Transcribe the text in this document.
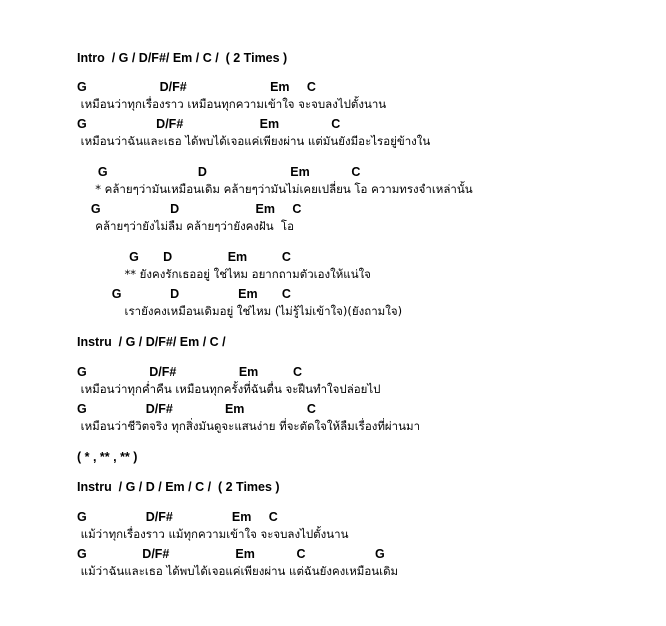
Intro  / G / D/F#/ Em / C /  ( 2 Times )
G                     D/F#                        Em     C
เหมือนว่าทุกเรื่องราว เหมือนทุกความเข้าใจ จะจบลงไปตั้งนาน
G                    D/F#                      Em               C
เหมือนว่าฉันและเธอ ได้พบได้เจอแค่เพียงผ่าน แต่มันยังมีอะไรอยู่ข้างใน
G                          D                        Em            C
* คล้ายๆว่ามันเหมือนเดิม คล้ายๆว่ามันไม่เคยเปลี่ยน โอ ความทรงจำเหล่านั้น
G                    D                      Em     C
คล้ายๆว่ายังไม่ลืม คล้ายๆว่ายังคงฝัน  โอ
G       D                Em          C
** ยังคงรักเธออยู่ ใช่ไหม อยากถามตัวเองให้แน่ใจ
G              D                 Em       C
เรายังคงเหมือนเดิมอยู่ ใช่ไหม (ไม่รู้ไม่เข้าใจ)(ยังถามใจ)
Instru  / G / D/F#/ Em / C /
G                  D/F#                  Em          C
เหมือนว่าทุกค่ำคืน เหมือนทุกครั้งที่ฉันตื่น จะฝืนทำใจปล่อยไป
G                 D/F#               Em                  C
เหมือนว่าชีวิตจริง ทุกสิ่งมันดูจะแสนง่าย ที่จะตัดใจให้ลืมเรื่องที่ผ่านมา
( * , ** , ** )
Instru  / G / D / Em / C /  ( 2 Times )
G                 D/F#                 Em     C
แม้ว่าทุกเรื่องราว แม้ทุกความเข้าใจ จะจบลงไปตั้งนาน
G                D/F#                   Em            C                    G
แม้ว่าฉันและเธอ ได้พบได้เจอแค่เพียงผ่าน แต่ฉันยังคงเหมือนเดิม
